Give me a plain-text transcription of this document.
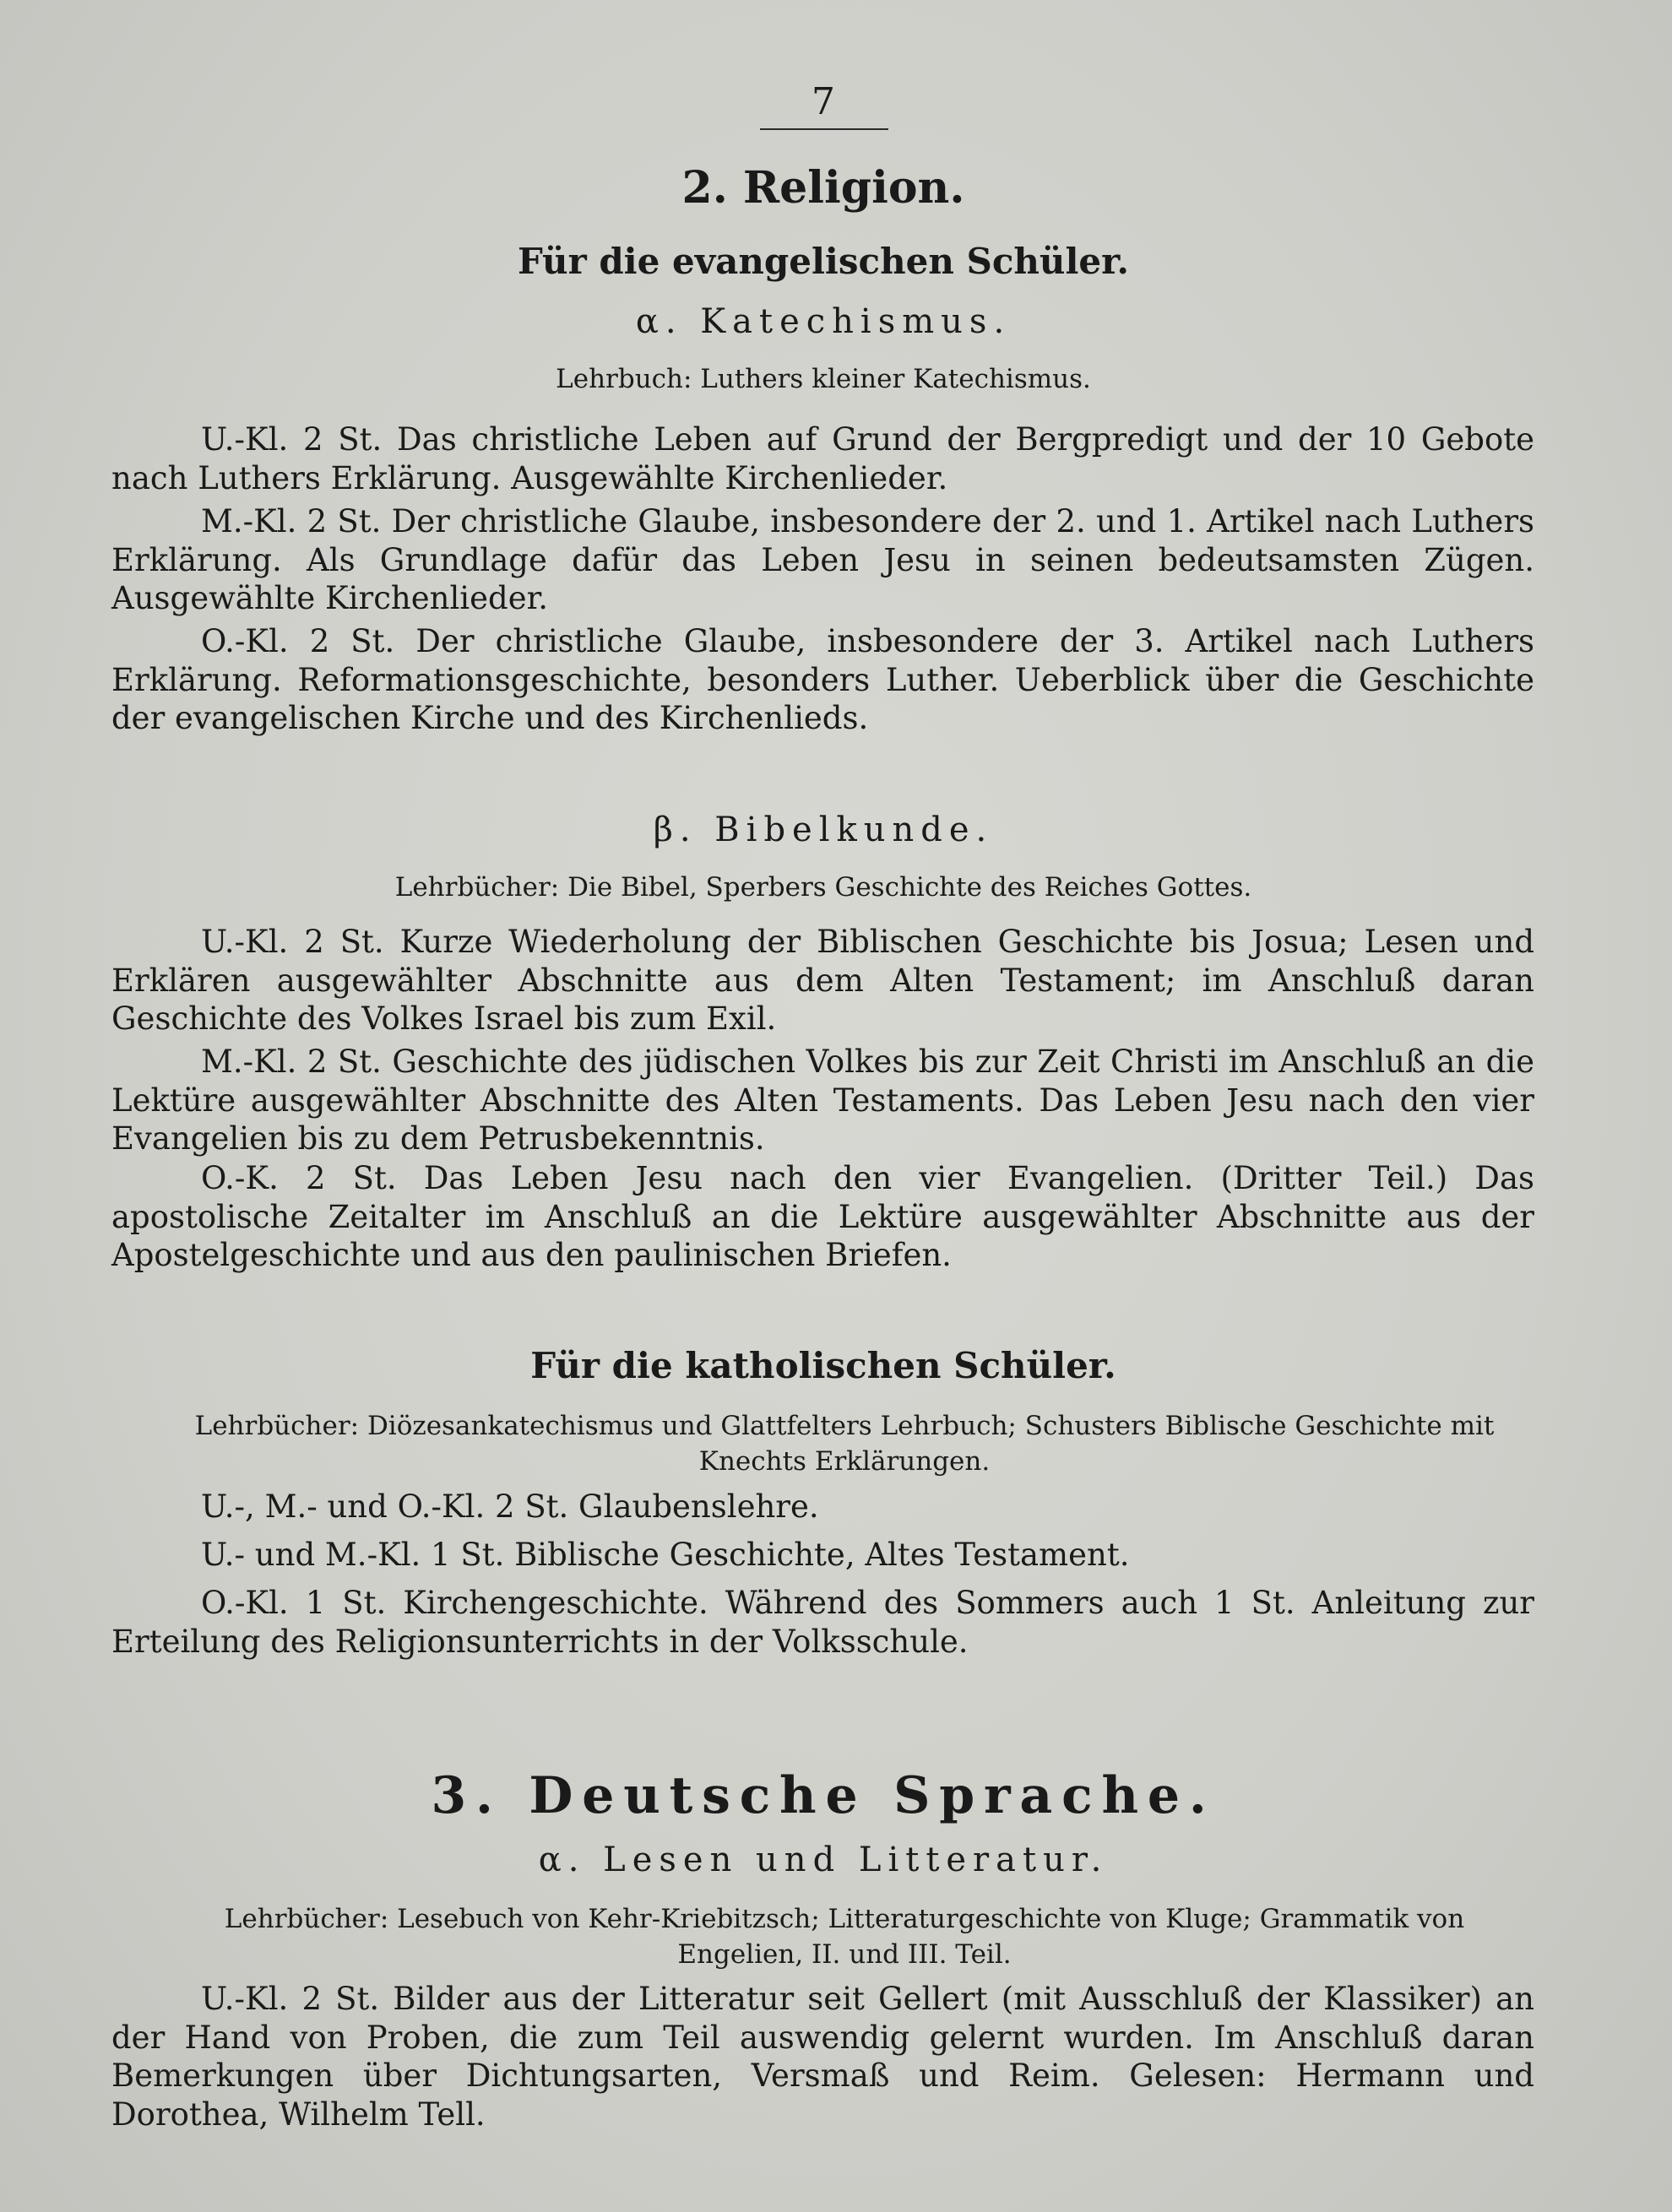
7
2. Religion.
Für die evangelischen Schüler.
α. Katechismus.
Lehrbuch: Luthers kleiner Katechismus.
U.-Kl. 2 St. Das christliche Leben auf Grund der Bergpredigt und der 10 Gebote nach Luthers Erklärung. Ausgewählte Kirchenlieder.
M.-Kl. 2 St. Der christliche Glaube, insbesondere der 2. und 1. Artikel nach Luthers Erklärung. Als Grundlage dafür das Leben Jesu in seinen bedeutsamsten Zügen. Ausgewählte Kirchenlieder.
O.-Kl. 2 St. Der christliche Glaube, insbesondere der 3. Artikel nach Luthers Erklärung. Reformationsgeschichte, besonders Luther. Ueberblick über die Geschichte der evangelischen Kirche und des Kirchenlieds.
β. Bibelkunde.
Lehrbücher: Die Bibel, Sperbers Geschichte des Reiches Gottes.
U.-Kl. 2 St. Kurze Wiederholung der Biblischen Geschichte bis Josua; Lesen und Erklären ausgewählter Abschnitte aus dem Alten Testament; im Anschluß daran Geschichte des Volkes Israel bis zum Exil.
M.-Kl. 2 St. Geschichte des jüdischen Volkes bis zur Zeit Christi im Anschluß an die Lektüre ausgewählter Abschnitte des Alten Testaments. Das Leben Jesu nach den vier Evangelien bis zu dem Petrusbekenntnis.
O.-K. 2 St. Das Leben Jesu nach den vier Evangelien. (Dritter Teil.) Das apostolische Zeitalter im Anschluß an die Lektüre ausgewählter Abschnitte aus der Apostelgeschichte und aus den paulinischen Briefen.
Für die katholischen Schüler.
Lehrbücher: Diözesankatechismus und Glattfelters Lehrbuch; Schusters Biblische Geschichte mit Knechts Erklärungen.
U.-, M.- und O.-Kl. 2 St. Glaubenslehre.
U.- und M.-Kl. 1 St. Biblische Geschichte, Altes Testament.
O.-Kl. 1 St. Kirchengeschichte. Während des Sommers auch 1 St. Anleitung zur Erteilung des Religionsunterrichts in der Volksschule.
3. Deutsche Sprache.
α. Lesen und Litteratur.
Lehrbücher: Lesebuch von Kehr-Kriebitzsch; Litteraturgeschichte von Kluge; Grammatik von Engelien, II. und III. Teil.
U.-Kl. 2 St. Bilder aus der Litteratur seit Gellert (mit Ausschluß der Klassiker) an der Hand von Proben, die zum Teil auswendig gelernt wurden. Im Anschluß daran Bemerkungen über Dichtungsarten, Versmaß und Reim. Gelesen: Hermann und Dorothea, Wilhelm Tell.
